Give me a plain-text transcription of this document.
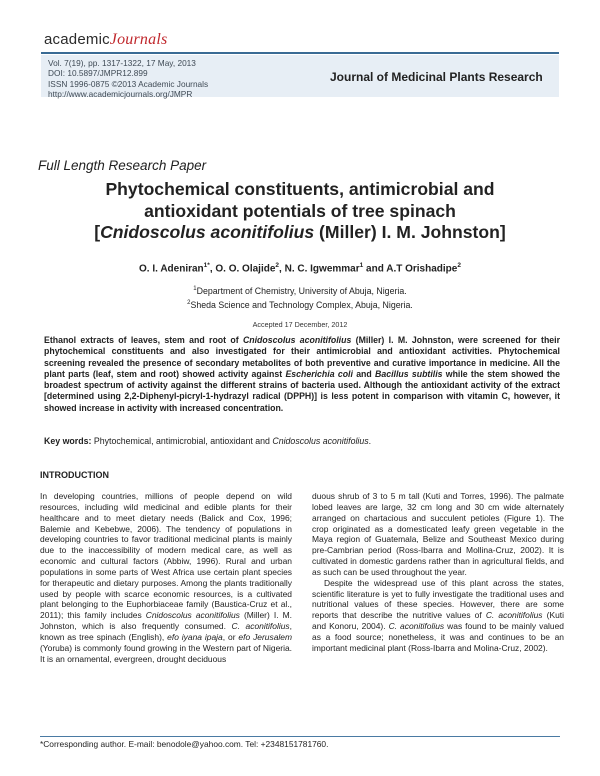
academicJournals
Vol. 7(19), pp. 1317-1322, 17 May, 2013
DOI: 10.5897/JMPR12.899
ISSN 1996-0875 ©2013 Academic Journals
http://www.academicjournals.org/JMPR
Journal of Medicinal Plants Research
Full Length Research Paper
Phytochemical constituents, antimicrobial and
antioxidant potentials of tree spinach
[Cnidoscolus aconitifolius (Miller) I. M. Johnston]
O. I. Adeniran$^{1*}$, O. O. Olajide$^2$, N. C. Igwemmar$^1$ and A.T Orishadipe$^2$
$^1$Department of Chemistry, University of Abuja, Nigeria.
$^2$Sheda Science and Technology Complex, Abuja, Nigeria.
Accepted 17 December, 2012
Ethanol extracts of leaves, stem and root of Cnidoscolus aconitifolius (Miller) I. M. Johnston, were screened for their phytochemical constituents and also investigated for their antimicrobial and antioxidant activities. Phytochemical screening revealed the presence of secondary metabolites of both preventive and curative importance in medicine. All the plant parts (leaf, stem and root) showed activity against Escherichia coli and Bacillus subtilis while the stem showed the broadest spectrum of activity against the different strains of bacteria used. Although the antioxidant activity of the extract [determined using 2,2-Diphenyl-picryl-1-hydrazyl radical (DPPH)] is less potent in comparison with vitamin C, however, it showed increase in activity with increased concentration.
Key words: Phytochemical, antimicrobial, antioxidant and Cnidoscolus aconitifolius.
INTRODUCTION

In developing countries, millions of people depend on wild resources, including wild medicinal and edible plants for their healthcare and to meet dietary needs (Balick and Cox, 1996; Balemie and Kebebwe, 2006). The tendency of populations in developing countries to favor traditional medicinal plants is mainly due to the inaccessibility of modern medical care, as well as economic and cultural factors (Abbiw, 1996). Rural and urban populations in some parts of West Africa use certain plant species for therapeutic and dietary purposes. Among the plants traditionally used by people with scarce economic resources, is a cultivated plant belonging to the Euphorbiaceae family (Baustica-Cruz et al., 2011); this family includes Cnidoscolus aconitifolius (Miller) I. M. Johnston, which is also frequently consumed. C. aconitifolius, known as tree spinach (English), efo iyana ipaja, or efo Jerusalem (Yoruba) is commonly found growing in the Western part of Nigeria. It is an ornamental, evergreen, drought deciduous

duous shrub of 3 to 5 m tall (Kuti and Torres, 1996). The palmate lobed leaves are large, 32 cm long and 30 cm wide alternately arranged on chartacious and succulent petioles (Figure 1). The crop originated as a domesticated leafy green vegetable in the Maya region of Guatemala, Belize and Southeast Mexico during pre-Cambrian period (Ross-Ibarra and Mollina-Cruz, 2002). It is cultivated in domestic gardens rather than in agricultural fields, and as such can be used throughout the year.

Despite the widespread use of this plant across the states, scientific literature is yet to fully investigate the traditional uses and nutritional values of these species. However, there are some reports that describe the nutritive values of C. aconitifolius (Kuti and Konoru, 2004). C. aconitifolius was found to be mainly valued as a food source; nonetheless, it was and continues to be an important medicinal plant (Ross-Ibarra and Molina-Cruz, 2002).

*Corresponding author. E-mail: benodole@yahoo.com. Tel: +2348151781760.
